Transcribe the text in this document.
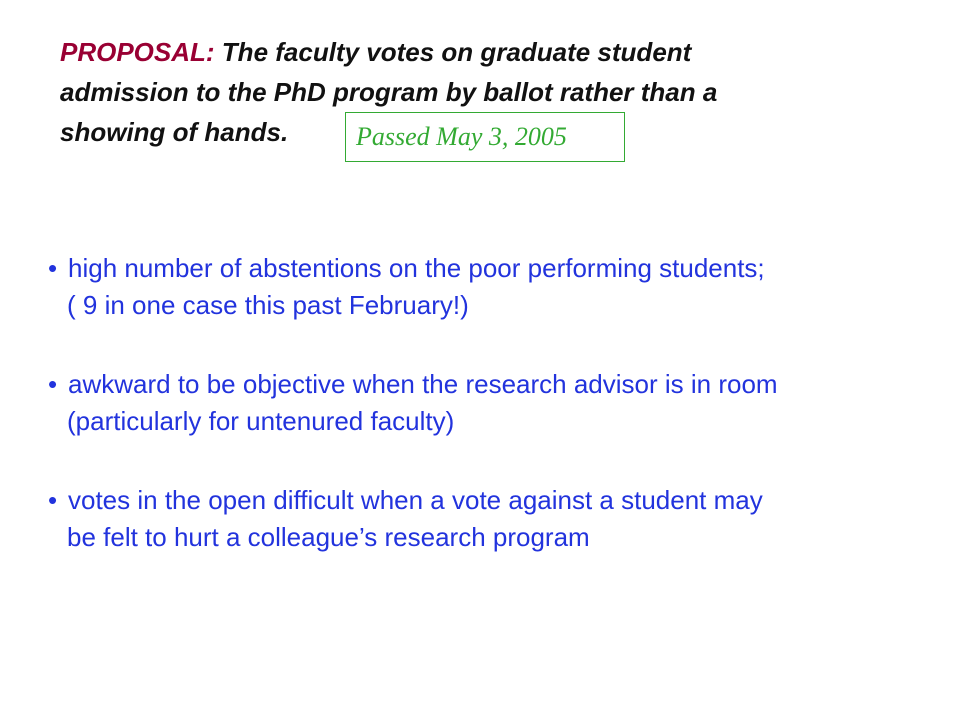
PROPOSAL: The faculty votes on graduate student
admission to the PhD program by ballot rather than a
showing of hands.	Passed May 3, 2005
• high number of abstentions on the poor performing students;
( 9 in one case this past February!)
• awkward to be objective when the research advisor is in room
(particularly for untenured faculty)
• votes in the open difficult when a vote against a student may
be felt to hurt a colleague’s research program
